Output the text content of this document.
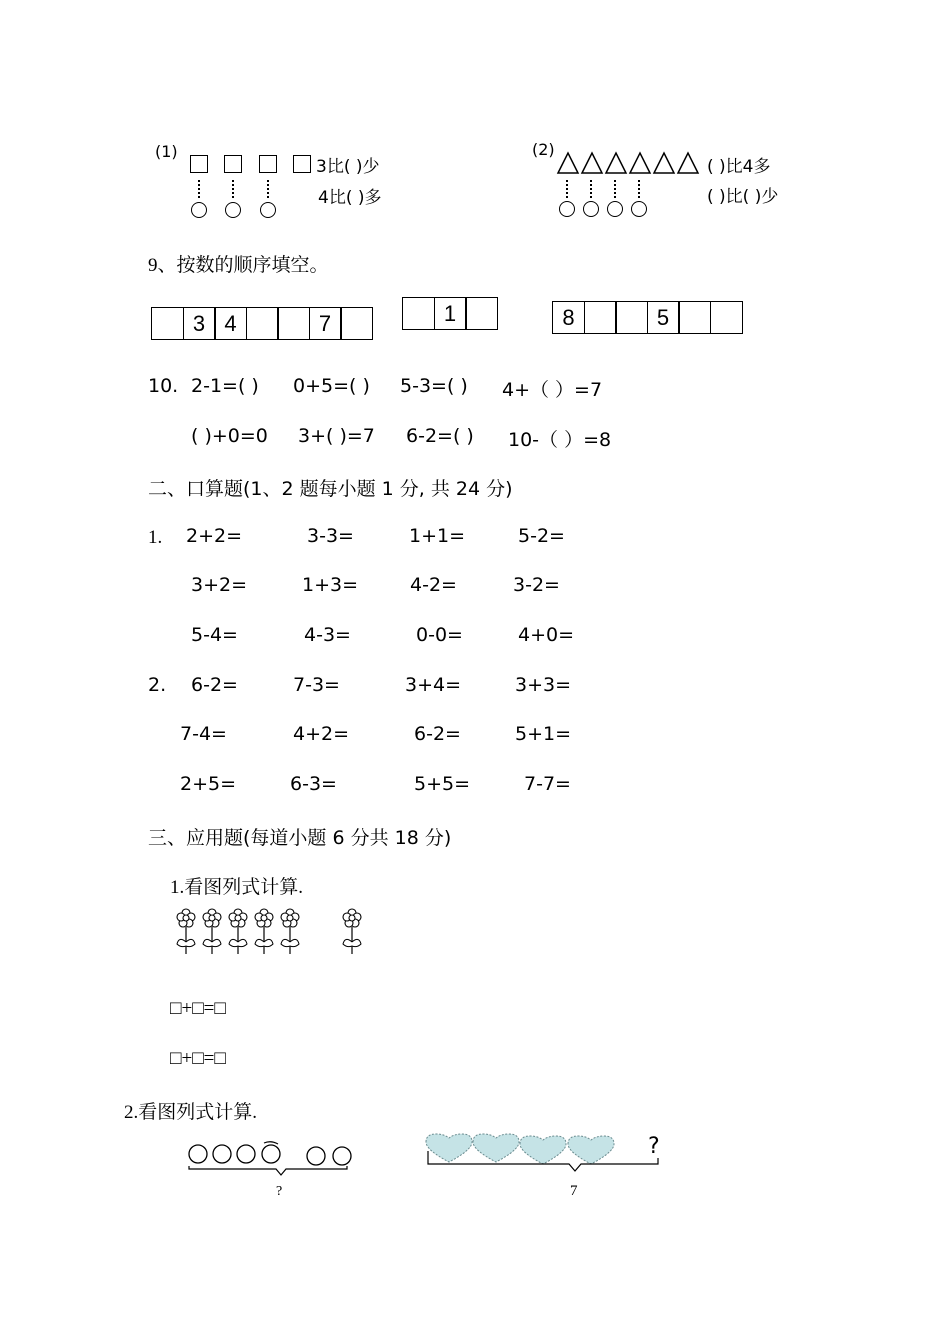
(1)
3比( )少
4比( )多
(2)
( )比4多
( )比( )少
9、按数的顺序填空。
3 4	7	1	8	5
10. 2-1=( ) 0+5=( ) 5-3=( ) 4+（ ）=7
( )+0=0 3+( )=7 6-2=( ) 10-（ ）=8
二、口算题(1、2 题每小题 1 分, 共 24 分)
1. 2+2=	3-3=	1+1=	5-2=
3+2=	1+3=	4-2=	3-2=
5-4=	4-3=	0-0=	4+0=
2. 6-2=	7-3=	3+4=	3+3=
7-4=	4+2=	6-2=	5+1=
2+5=	6-3=	5+5=	7-7=
三、应用题(每道小题 6 分共 18 分)
1.看图列式计算.
□+□=□
□+□=□
2.看图列式计算.
?
?
7
